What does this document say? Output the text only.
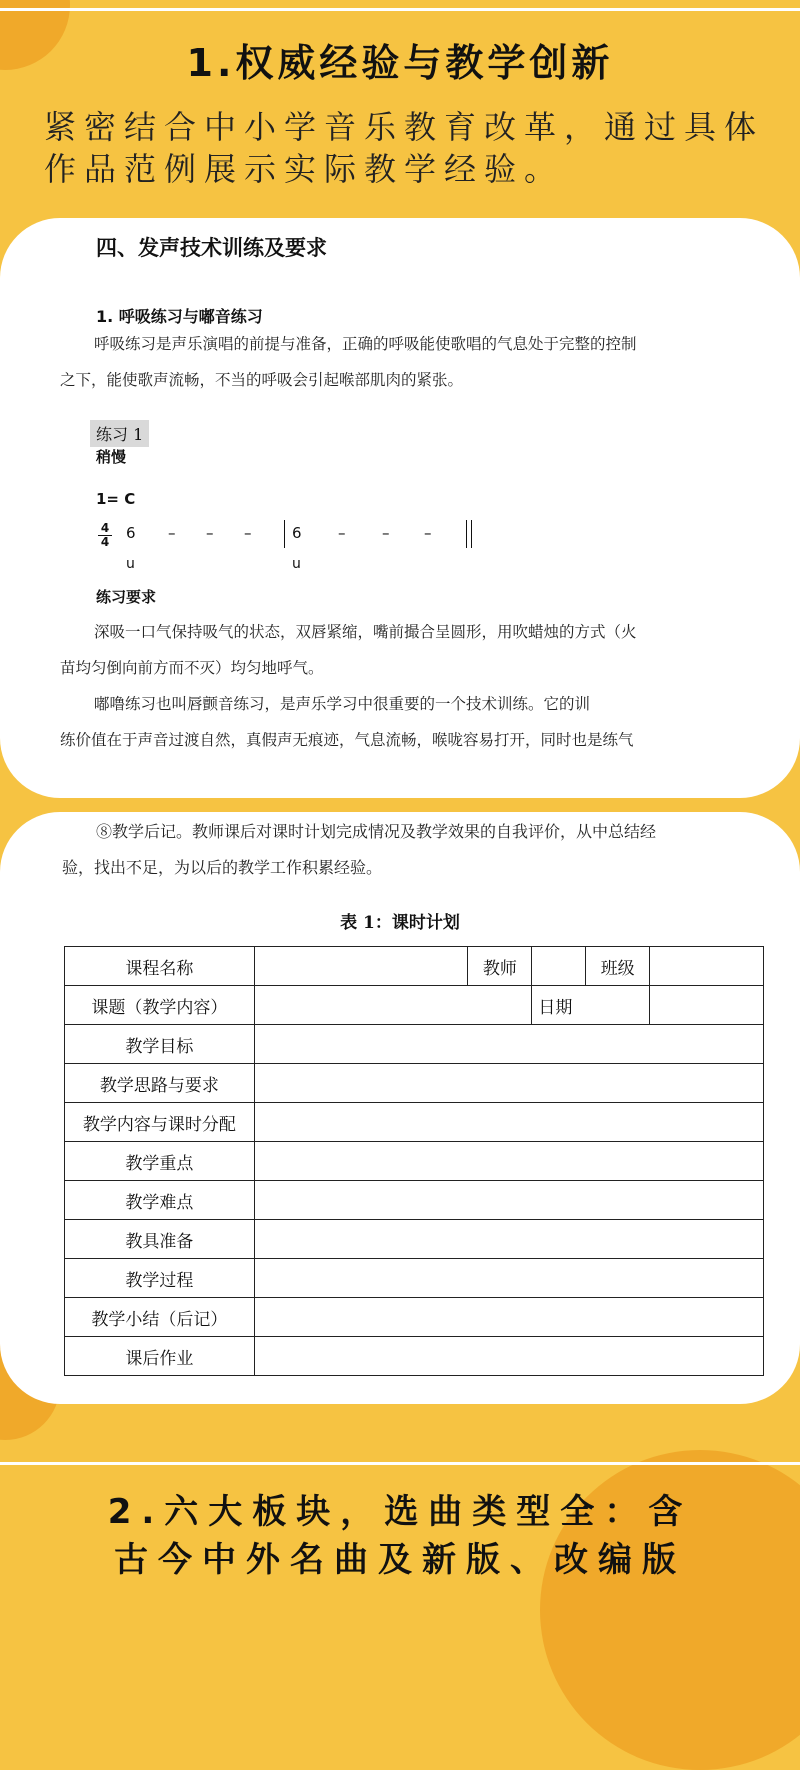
1.权威经验与教学创新
紧密结合中小学音乐教育改革，通过具体
作品范例展示实际教学经验。
四、发声技术训练及要求
1. 呼吸练习与嘟音练习
呼吸练习是声乐演唱的前提与准备，正确的呼吸能使歌唱的气息处于完整的控制
之下，能使歌声流畅，不当的呼吸会引起喉部肌肉的紧张。
练习 1
稍慢
1= C
4
4 6 – – –	6 – – –
u	u
练习要求
深吸一口气保持吸气的状态，双唇紧缩，嘴前撮合呈圆形，用吹蜡烛的方式（火
苗均匀倒向前方而不灭）均匀地呼气。
嘟噜练习也叫唇颤音练习，是声乐学习中很重要的一个技术训练。它的训
练价值在于声音过渡自然，真假声无痕迹，气息流畅，喉咙容易打开，同时也是练气
⑧教学后记。教师课后对课时计划完成情况及教学效果的自我评价，从中总结经
验，找出不足，为以后的教学工作积累经验。
表 1：课时计划
课程名称		教师		班级	
课题（教学内容）			日期		
教学目标					
教学思路与要求					
教学内容与课时分配					
教学重点					
教学难点					
教具准备					
教学过程					
教学小结（后记）					
课后作业					
2.六大板块，选曲类型全：含
古今中外名曲及新版、改编版
